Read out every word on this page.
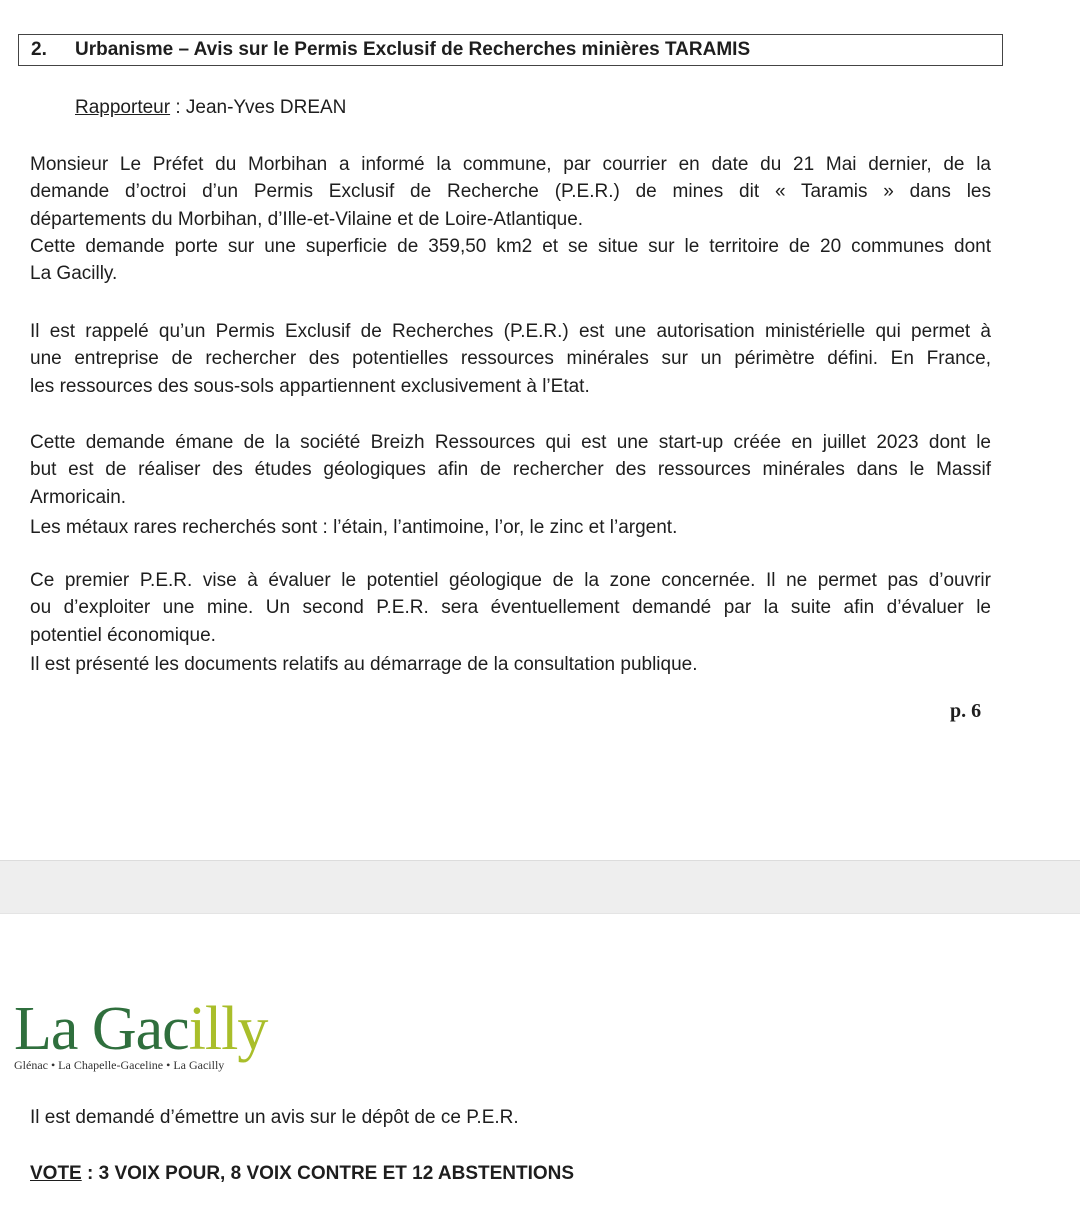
2. Urbanisme – Avis sur le Permis Exclusif de Recherches minières TARAMIS
Rapporteur : Jean-Yves DREAN
Monsieur Le Préfet du Morbihan a informé la commune, par courrier en date du 21 Mai dernier, de la
demande d’octroi d’un Permis Exclusif de Recherche (P.E.R.) de mines dit « Taramis » dans les
départements du Morbihan, d’Ille-et-Vilaine et de Loire-Atlantique.
Cette demande porte sur une superficie de 359,50 km2 et se situe sur le territoire de 20 communes dont
La Gacilly.
Il est rappelé qu’un Permis Exclusif de Recherches (P.E.R.) est une autorisation ministérielle qui permet à
une entreprise de rechercher des potentielles ressources minérales sur un périmètre défini. En France,
les ressources des sous-sols appartiennent exclusivement à l’Etat.
Cette demande émane de la société Breizh Ressources qui est une start-up créée en juillet 2023 dont le
but est de réaliser des études géologiques afin de rechercher des ressources minérales dans le Massif
Armoricain.
Les métaux rares recherchés sont : l’étain, l’antimoine, l’or, le zinc et l’argent.
Ce premier P.E.R. vise à évaluer le potentiel géologique de la zone concernée. Il ne permet pas d’ouvrir
ou d’exploiter une mine. Un second P.E.R. sera éventuellement demandé par la suite afin d’évaluer le
potentiel économique.
Il est présenté les documents relatifs au démarrage de la consultation publique.
p. 6
La Gacilly
Glénac • La Chapelle-Gaceline • La Gacilly
Il est demandé d’émettre un avis sur le dépôt de ce P.E.R.
VOTE : 3 VOIX POUR, 8 VOIX CONTRE ET 12 ABSTENTIONS
